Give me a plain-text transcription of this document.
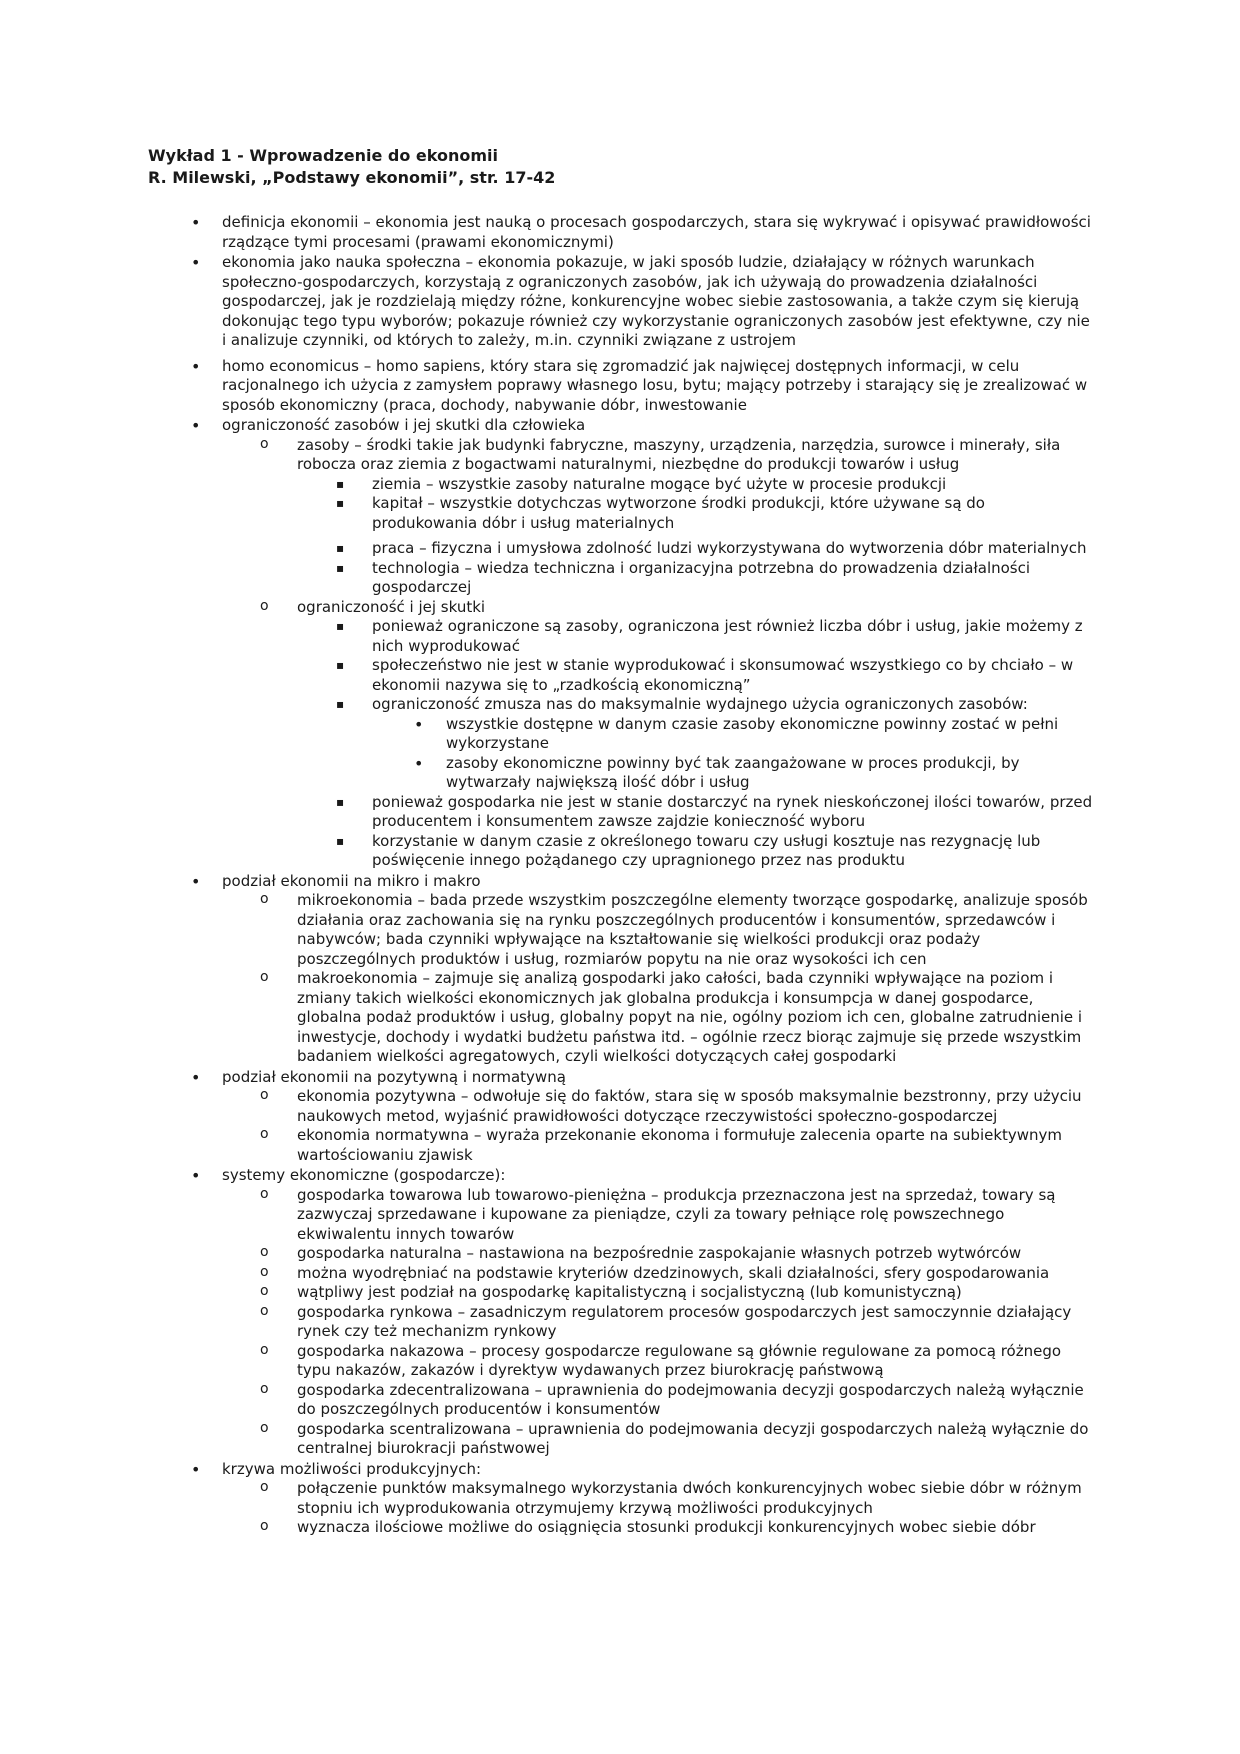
Wykład 1 - Wprowadzenie do ekonomii
R. Milewski, „Podstawy ekonomii”, str. 17-42
• definicja ekonomii – ekonomia jest nauką o procesach gospodarczych, stara się wykrywać i opisywać prawidłowości rządzące tymi procesami (prawami ekonomicznymi)
• ekonomia jako nauka społeczna – ekonomia pokazuje, w jaki sposób ludzie, działający w różnych warunkach społeczno-gospodarczych, korzystają z ograniczonych zasobów, jak ich używają do prowadzenia działalności gospodarczej, jak je rozdzielają między różne, konkurencyjne wobec siebie zastosowania, a także czym się kierują dokonując tego typu wyborów; pokazuje również czy wykorzystanie ograniczonych zasobów jest efektywne, czy nie i analizuje czynniki, od których to zależy, m.in. czynniki związane z ustrojem
• homo economicus – homo sapiens, który stara się zgromadzić jak najwięcej dostępnych informacji, w celu racjonalnego ich użycia z zamysłem poprawy własnego losu, bytu; mający potrzeby i starający się je zrealizować w sposób ekonomiczny (praca, dochody, nabywanie dóbr, inwestowanie
• ograniczoność zasobów i jej skutki dla człowieka
o zasoby – środki takie jak budynki fabryczne, maszyny, urządzenia, narzędzia, surowce i minerały, siła robocza oraz ziemia z bogactwami naturalnymi, niezbędne do produkcji towarów i usług
▪ ziemia – wszystkie zasoby naturalne mogące być użyte w procesie produkcji
▪ kapitał – wszystkie dotychczas wytworzone środki produkcji, które używane są do produkowania dóbr i usług materialnych
▪ praca – fizyczna i umysłowa zdolność ludzi wykorzystywana do wytworzenia dóbr materialnych
▪ technologia – wiedza techniczna i organizacyjna potrzebna do prowadzenia działalności gospodarczej
o ograniczoność i jej skutki
▪ ponieważ ograniczone są zasoby, ograniczona jest również liczba dóbr i usług, jakie możemy z nich wyprodukować
▪ społeczeństwo nie jest w stanie wyprodukować i skonsumować wszystkiego co by chciało – w ekonomii nazywa się to „rzadkością ekonomiczną”
▪ ograniczoność zmusza nas do maksymalnie wydajnego użycia ograniczonych zasobów:
• wszystkie dostępne w danym czasie zasoby ekonomiczne powinny zostać w pełni wykorzystane
• zasoby ekonomiczne powinny być tak zaangażowane w proces produkcji, by wytwarzały największą ilość dóbr i usług
▪ ponieważ gospodarka nie jest w stanie dostarczyć na rynek nieskończonej ilości towarów, przed producentem i konsumentem zawsze zajdzie konieczność wyboru
▪ korzystanie w danym czasie z określonego towaru czy usługi kosztuje nas rezygnację lub poświęcenie innego pożądanego czy upragnionego przez nas produktu
• podział ekonomii na mikro i makro
o mikroekonomia – bada przede wszystkim poszczególne elementy tworzące gospodarkę, analizuje sposób działania oraz zachowania się na rynku poszczególnych producentów i konsumentów, sprzedawców i nabywców; bada czynniki wpływające na kształtowanie się wielkości produkcji oraz podaży poszczególnych produktów i usług, rozmiarów popytu na nie oraz wysokości ich cen
o makroekonomia – zajmuje się analizą gospodarki jako całości, bada czynniki wpływające na poziom i zmiany takich wielkości ekonomicznych jak globalna produkcja i konsumpcja w danej gospodarce, globalna podaż produktów i usług, globalny popyt na nie, ogólny poziom ich cen, globalne zatrudnienie i inwestycje, dochody i wydatki budżetu państwa itd. – ogólnie rzecz biorąc zajmuje się przede wszystkim badaniem wielkości agregatowych, czyli wielkości dotyczących całej gospodarki
• podział ekonomii na pozytywną i normatywną
o ekonomia pozytywna – odwołuje się do faktów, stara się w sposób maksymalnie bezstronny, przy użyciu naukowych metod, wyjaśnić prawidłowości dotyczące rzeczywistości społeczno-gospodarczej
o ekonomia normatywna – wyraża przekonanie ekonoma i formułuje zalecenia oparte na subiektywnym wartościowaniu zjawisk
• systemy ekonomiczne (gospodarcze):
o gospodarka towarowa lub towarowo-pieniężna – produkcja przeznaczona jest na sprzedaż, towary są zazwyczaj sprzedawane i kupowane za pieniądze, czyli za towary pełniące rolę powszechnego ekwiwalentu innych towarów
o gospodarka naturalna – nastawiona na bezpośrednie zaspokajanie własnych potrzeb wytwórców
o można wyodrębniać na podstawie kryteriów dzedzinowych, skali działalności, sfery gospodarowania
o wątpliwy jest podział na gospodarkę kapitalistyczną i socjalistyczną (lub komunistyczną)
o gospodarka rynkowa – zasadniczym regulatorem procesów gospodarczych jest samoczynnie działający rynek czy też mechanizm rynkowy
o gospodarka nakazowa – procesy gospodarcze regulowane są głównie regulowane za pomocą różnego typu nakazów, zakazów i dyrektyw wydawanych przez biurokrację państwową
o gospodarka zdecentralizowana – uprawnienia do podejmowania decyzji gospodarczych należą wyłącznie do poszczególnych producentów i konsumentów
o gospodarka scentralizowana – uprawnienia do podejmowania decyzji gospodarczych należą wyłącznie do centralnej biurokracji państwowej
• krzywa możliwości produkcyjnych:
o połączenie punktów maksymalnego wykorzystania dwóch konkurencyjnych wobec siebie dóbr w różnym stopniu ich wyprodukowania otrzymujemy krzywą możliwości produkcyjnych
o wyznacza ilościowe możliwe do osiągnięcia stosunki produkcji konkurencyjnych wobec siebie dóbr
